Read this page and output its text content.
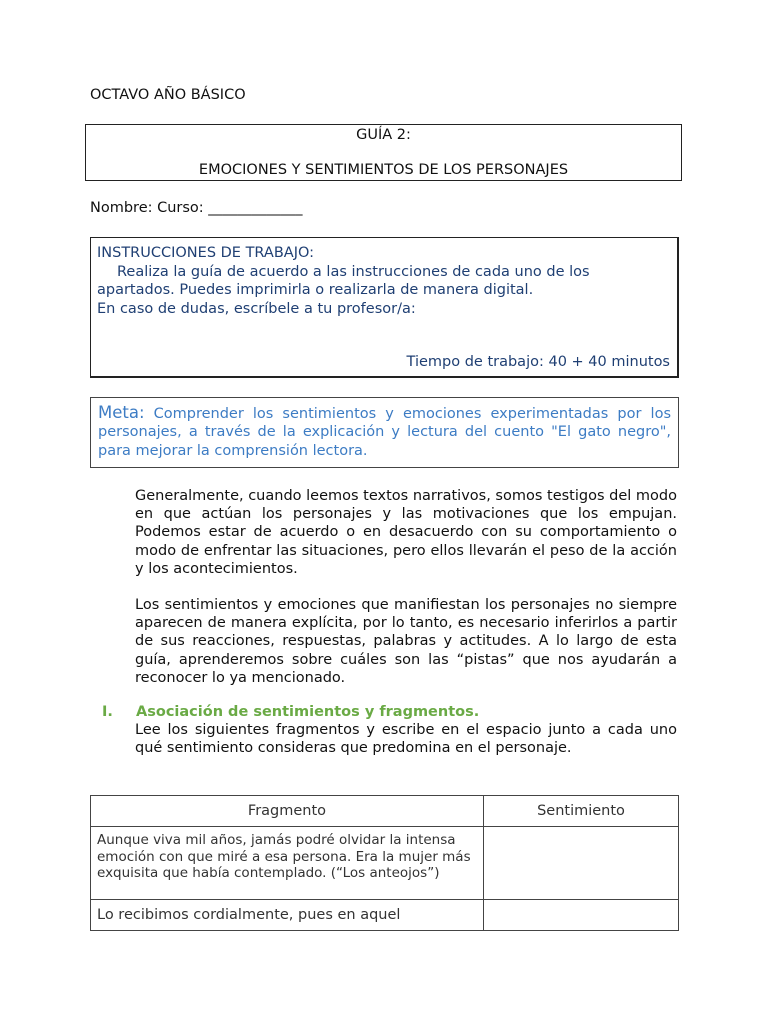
OCTAVO AÑO BÁSICO
GUÍA 2:
EMOCIONES Y SENTIMIENTOS DE LOS PERSONAJES
Nombre: Curso: _____________
INSTRUCCIONES DE TRABAJO:
Realiza la guía de acuerdo a las instrucciones de cada uno de los
apartados. Puedes imprimirla o realizarla de manera digital.
En caso de dudas, escríbele a tu profesor/a:
Tiempo de trabajo: 40 + 40 minutos
Meta: Comprender los sentimientos y emociones experimentadas por los personajes, a través de la explicación y lectura del cuento "El gato negro", para mejorar la comprensión lectora.
Generalmente, cuando leemos textos narrativos, somos testigos del modo en que actúan los personajes y las motivaciones que los empujan. Podemos estar de acuerdo o en desacuerdo con su comportamiento o modo de enfrentar las situaciones, pero ellos llevarán el peso de la acción y los acontecimientos.
Los sentimientos y emociones que manifiestan los personajes no siempre aparecen de manera explícita, por lo tanto, es necesario inferirlos a partir de sus reacciones, respuestas, palabras y actitudes. A lo largo de esta guía, aprenderemos sobre cuáles son las “pistas” que nos ayudarán a reconocer lo ya mencionado.
I. Asociación de sentimientos y fragmentos.
Lee los siguientes fragmentos y escribe en el espacio junto a cada uno qué sentimiento consideras que predomina en el personaje.
Fragmento	Sentimiento
Aunque viva mil años, jamás podré olvidar la intensa emoción con que miré a esa persona. Era la mujer más exquisita que había contemplado. (“Los anteojos”)	
Lo recibimos cordialmente, pues en aquel	
